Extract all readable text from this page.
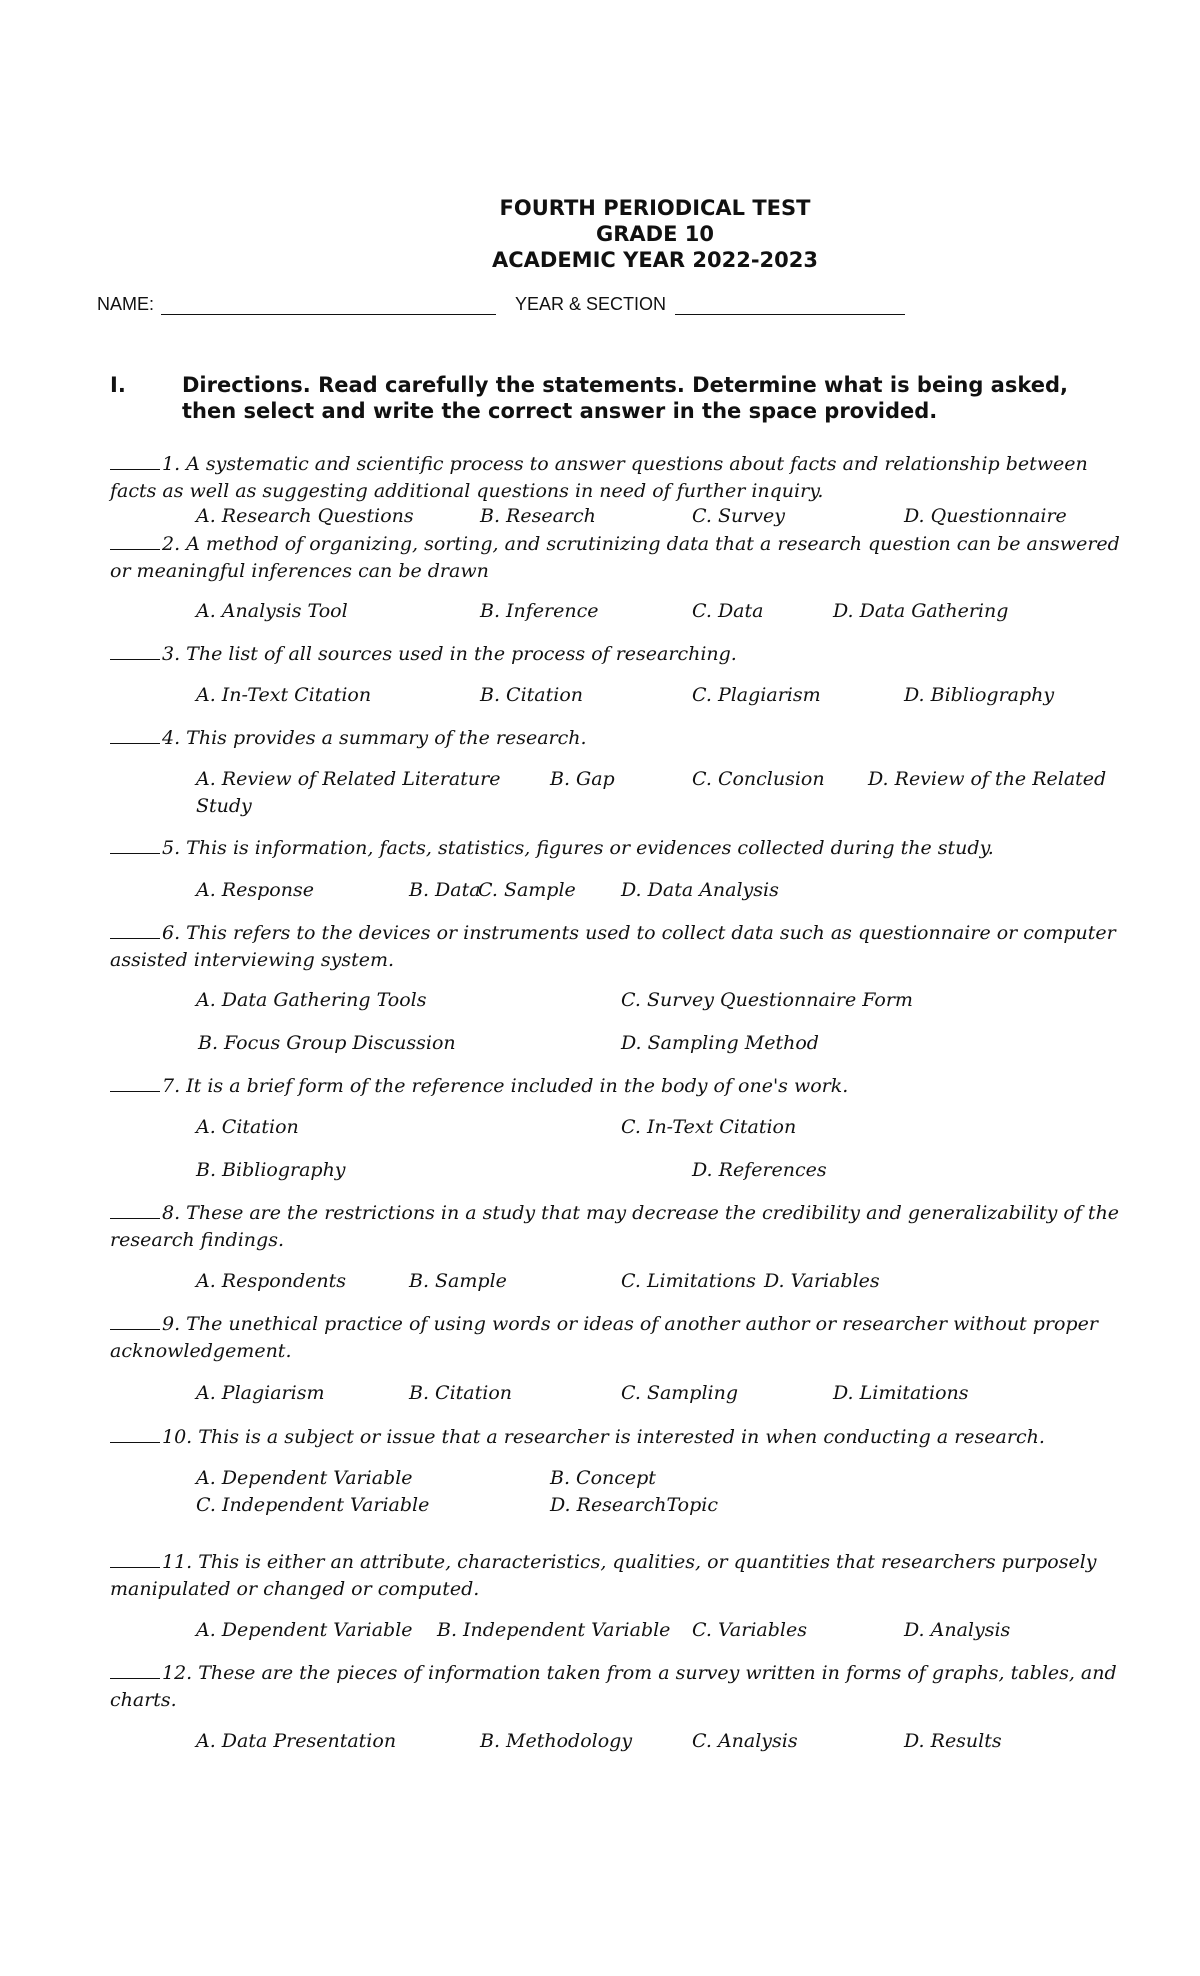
FOURTH PERIODICAL TEST
GRADE 10
ACADEMIC YEAR 2022-2023
NAME:	YEAR & SECTION
I.	Directions. Read carefully the statements. Determine what is being asked, then select and write the correct answer in the space provided.
1. A systematic and scientific process to answer questions about facts and relationship between facts as well as suggesting additional questions in need of further inquiry.
A. Research Questions	B. Research	C. Survey	D. Questionnaire
2. A method of organizing, sorting, and scrutinizing data that a research question can be answered or meaningful inferences can be drawn
A. Analysis Tool	B. Inference	C. Data	D. Data Gathering
3. The list of all sources used in the process of researching.
A. In-Text Citation	B. Citation	C. Plagiarism	D. Bibliography
4. This provides a summary of the research.
A. Review of Related Literature	B. Gap	C. Conclusion D. Review of the Related
Study
5. This is information, facts, statistics, figures or evidences collected during the study.
A. Response	B. Data
C. Sample D. Data Analysis
6. This refers to the devices or instruments used to collect data such as questionnaire or computer assisted interviewing system.
A. Data Gathering Tools	C. Survey Questionnaire Form
B. Focus Group Discussion	D. Sampling Method
7. It is a brief form of the reference included in the body of one's work.
A. Citation	C. In-Text Citation
B. Bibliography	D. References
8. These are the restrictions in a study that may decrease the credibility and generalizability of the research findings.
A. Respondents	B. Sample	C. Limitations D. Variables
9. The unethical practice of using words or ideas of another author or researcher without proper acknowledgement.
A. Plagiarism	B. Citation	C. Sampling	D. Limitations
10. This is a subject or issue that a researcher is interested in when conducting a research.
A. Dependent Variable	B. Concept
C. Independent Variable	D. ResearchTopic
11. This is either an attribute, characteristics, qualities, or quantities that researchers purposely manipulated or changed or computed.
A. Dependent Variable B. Independent Variable C. Variables	D. Analysis
12. These are the pieces of information taken from a survey written in forms of graphs, tables, and charts.
A. Data Presentation	B. Methodology	C. Analysis	D. Results
